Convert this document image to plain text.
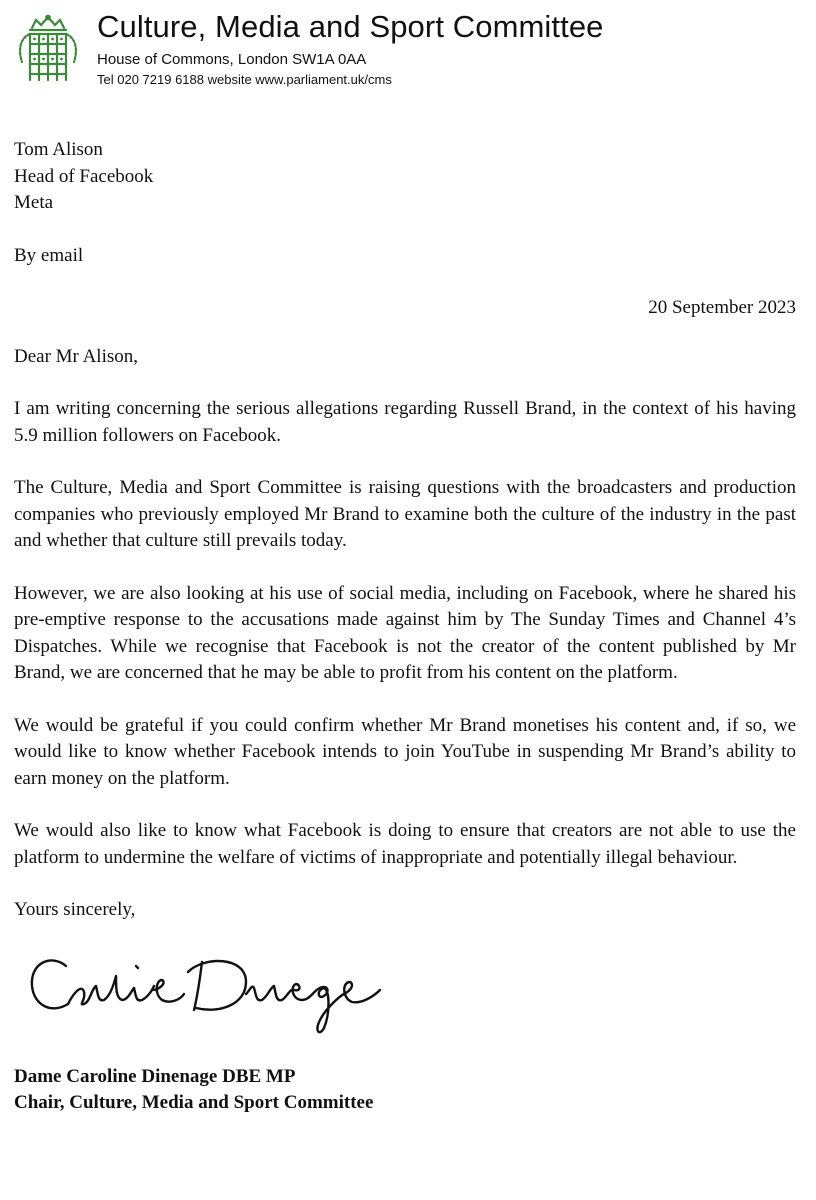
Culture, Media and Sport Committee
House of Commons, London SW1A 0AA
Tel 020 7219 6188 website www.parliament.uk/cms

Tom Alison

Head of Facebook

Meta

By email

20 September 2023

Dear Mr Alison,

I am writing concerning the serious allegations regarding Russell Brand, in the context of his having 5.9 million followers on Facebook.

The Culture, Media and Sport Committee is raising questions with the broadcasters and production companies who previously employed Mr Brand to examine both the culture of the industry in the past and whether that culture still prevails today.

However, we are also looking at his use of social media, including on Facebook, where he shared his pre-emptive response to the accusations made against him by The Sunday Times and Channel 4’s Dispatches. While we recognise that Facebook is not the creator of the content published by Mr Brand, we are concerned that he may be able to profit from his content on the platform.

We would be grateful if you could confirm whether Mr Brand monetises his content and, if so, we would like to know whether Facebook intends to join YouTube in suspending Mr Brand’s ability to earn money on the platform.

We would also like to know what Facebook is doing to ensure that creators are not able to use the platform to undermine the welfare of victims of inappropriate and potentially illegal behaviour.

Yours sincerely,

Dame Caroline Dinenage DBE MP

Chair, Culture, Media and Sport Committee
